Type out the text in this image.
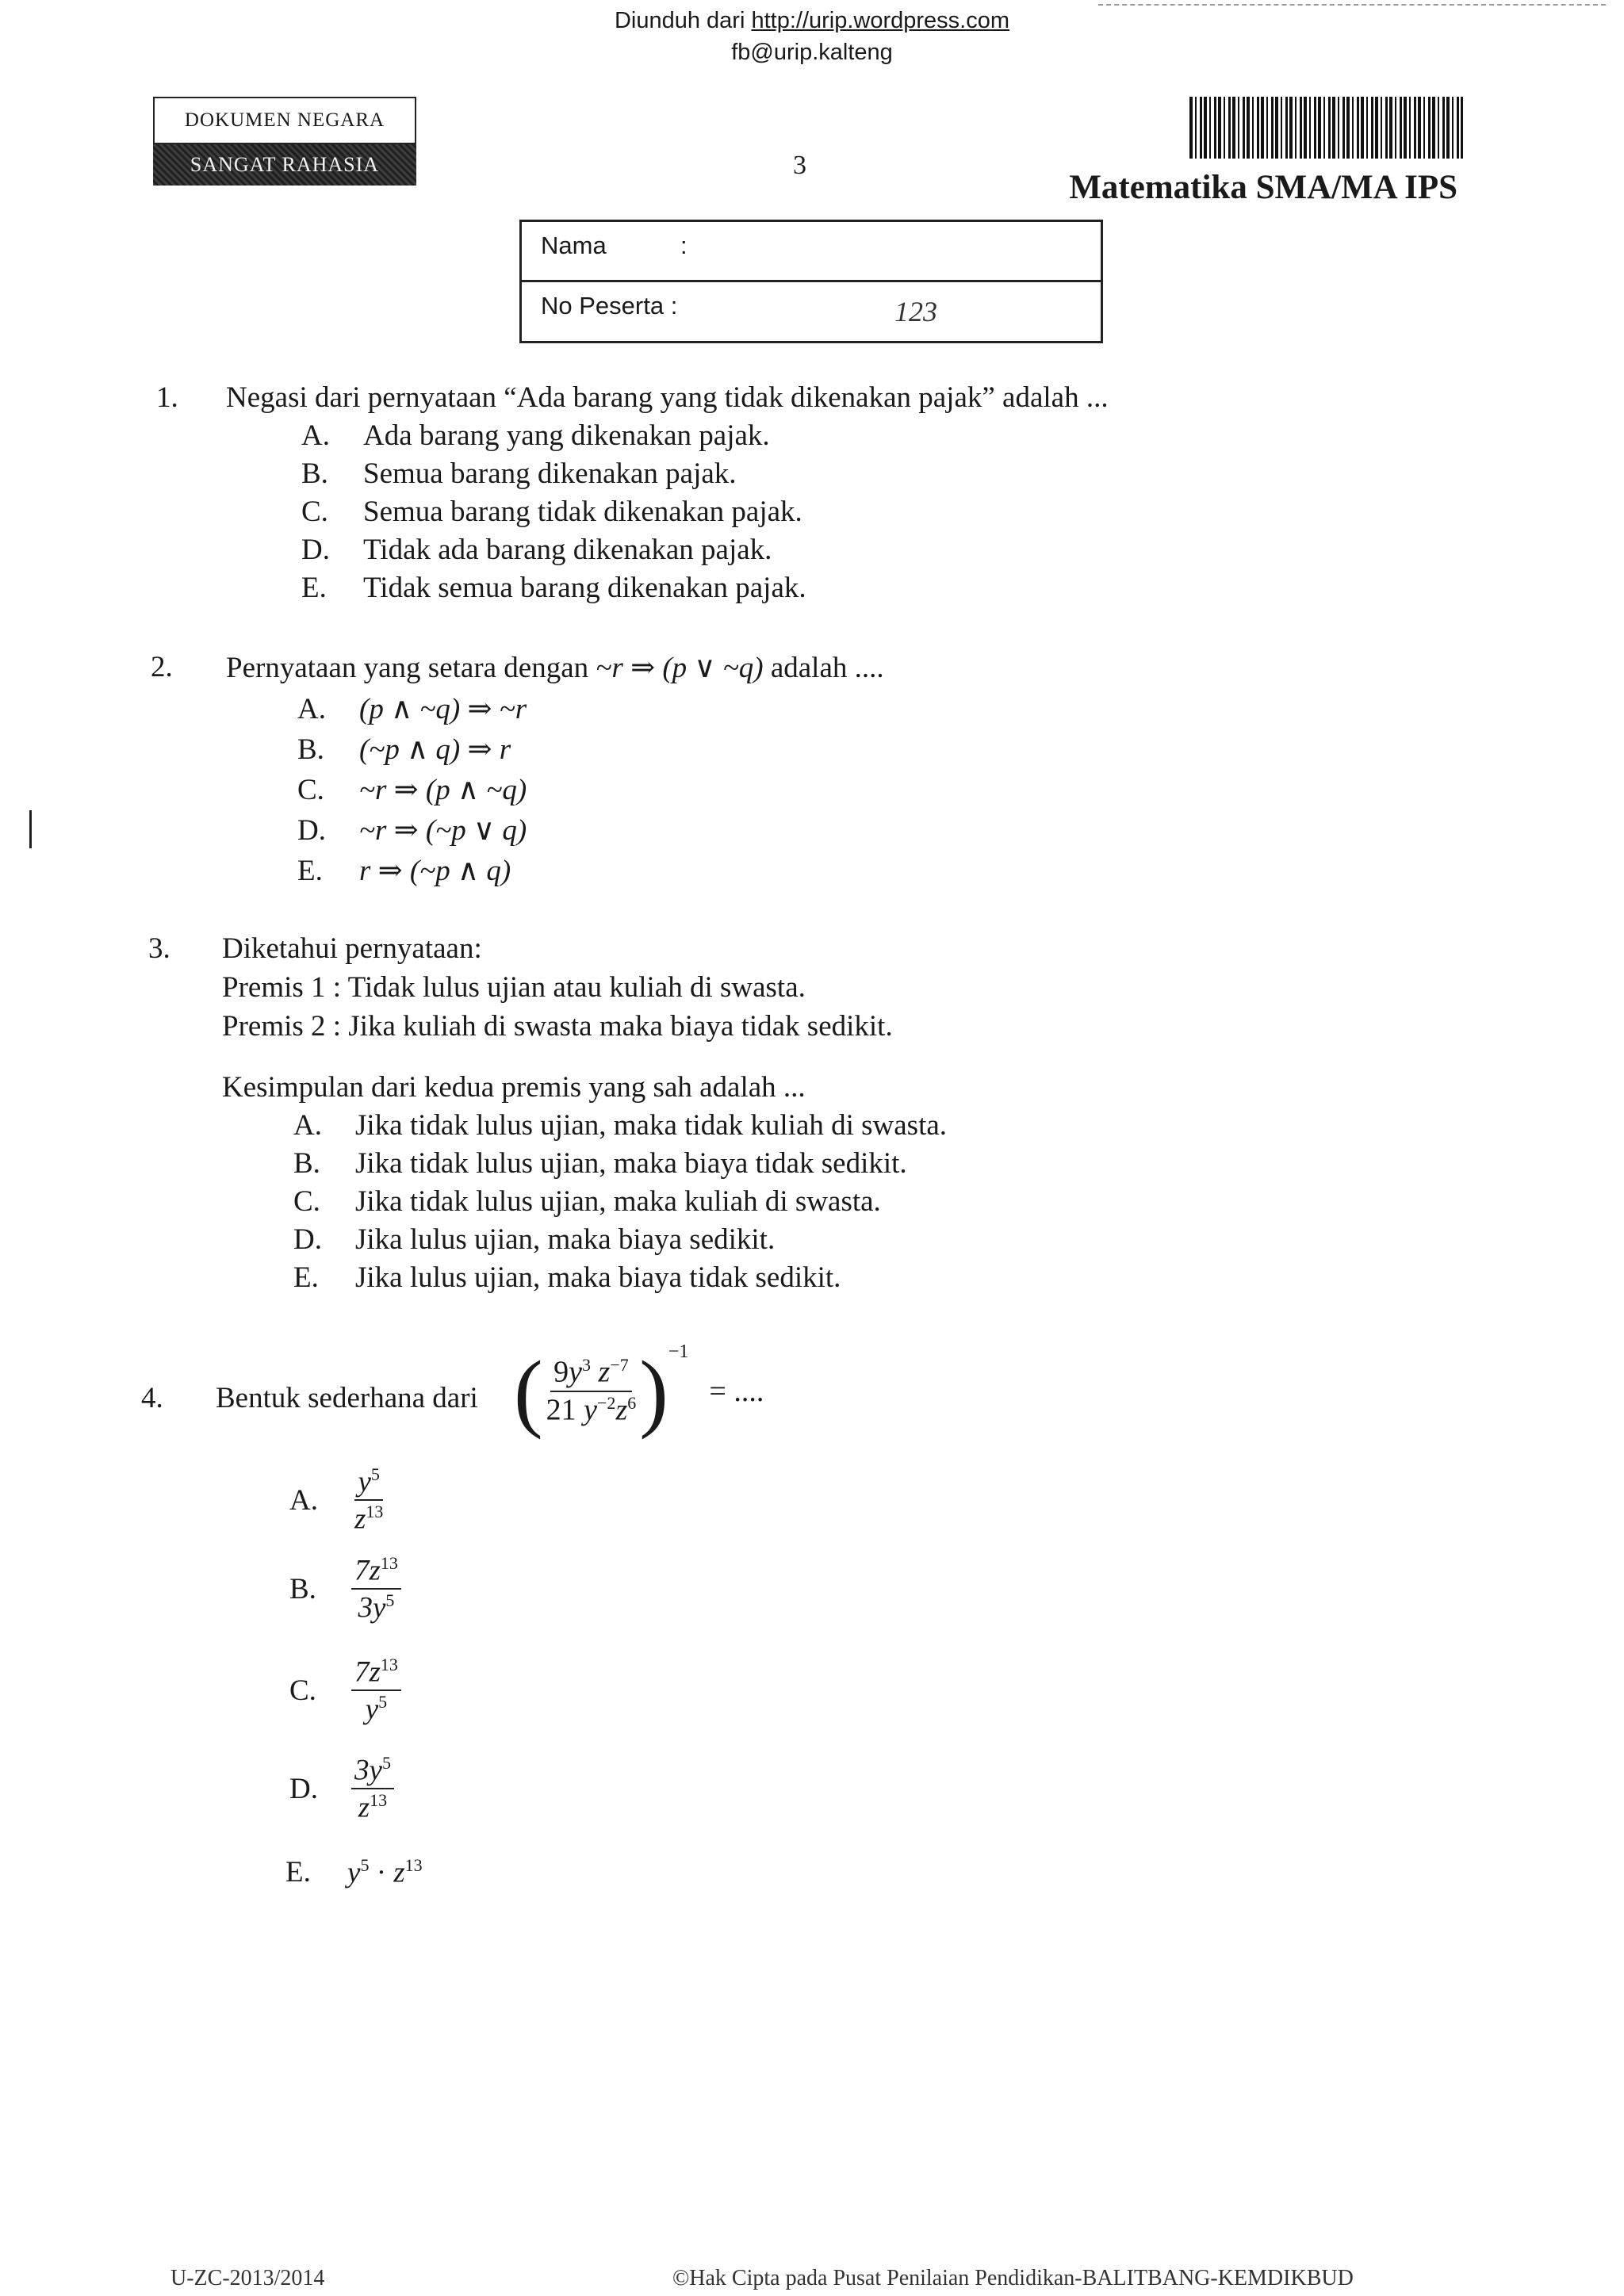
Diunduh dari http://urip.wordpress.com
fb@urip.kalteng
DOKUMEN NEGARA
SANGAT RAHASIA	3
Matematika SMA/MA IPS
Nama	:
No Peserta :	123
1. Negasi dari pernyataan “Ada barang yang tidak dikenakan pajak” adalah ...
A. Ada barang yang dikenakan pajak.
B. Semua barang dikenakan pajak.
C. Semua barang tidak dikenakan pajak.
D. Tidak ada barang dikenakan pajak.
E. Tidak semua barang dikenakan pajak.
2. Pernyataan yang setara dengan ~r ⇒ (p ∨ ~q) adalah ....
A. (p ∧ ~q) ⇒ ~r
B. (~p ∧ q) ⇒ r
C. ~r ⇒ (p ∧ ~q)
D. ~r ⇒ (~p ∨ q)
E. r ⇒ (~p ∧ q)
3. Diketahui pernyataan:
Premis 1 : Tidak lulus ujian atau kuliah di swasta.
Premis 2 : Jika kuliah di swasta maka biaya tidak sedikit.
Kesimpulan dari kedua premis yang sah adalah ...
A. Jika tidak lulus ujian, maka tidak kuliah di swasta.
B. Jika tidak lulus ujian, maka biaya tidak sedikit.
C. Jika tidak lulus ujian, maka kuliah di swasta.
D. Jika lulus ujian, maka biaya sedikit.
E. Jika lulus ujian, maka biaya tidak sedikit.
4. Bentuk sederhana dari ( $\frac{9y^3 z^{-7}}{21 y^{-2}z^6} )^{-1}$
= ....
A.	$\frac{y^5}{z^{13}}$
B.	$\frac{7z^{13}}{3y^5}$
C.	$\frac{7z^{13}}{y^5}$
D.	$\frac{3y^5}{z^{13}}$
E. $y^5 \cdot z^{13}$
U-ZC-2013/2014	©Hak Cipta pada Pusat Penilaian Pendidikan-BALITBANG-KEMDIKBUD
